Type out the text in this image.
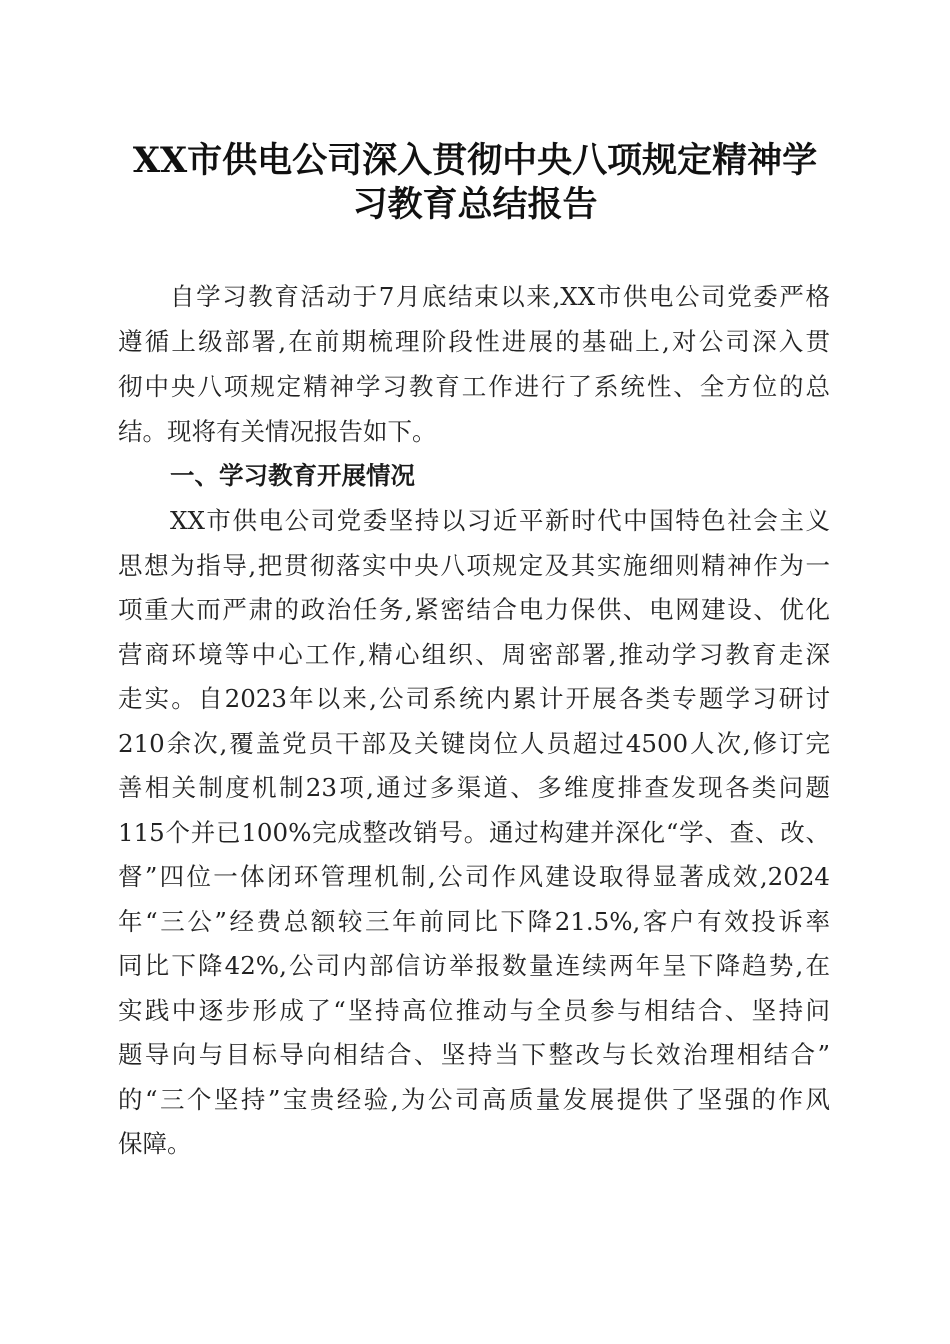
XX市供电公司深入贯彻中央八项规定精神学
习教育总结报告

自学习教育活动于7月底结束以来,XX市供电公司党委严格

遵循上级部署,在前期梳理阶段性进展的基础上,对公司深入贯

彻中央八项规定精神学习教育工作进行了系统性、全方位的总

结。现将有关情况报告如下。

一、学习教育开展情况

XX市供电公司党委坚持以习近平新时代中国特色社会主义

思想为指导,把贯彻落实中央八项规定及其实施细则精神作为一

项重大而严肃的政治任务,紧密结合电力保供、电网建设、优化

营商环境等中心工作,精心组织、周密部署,推动学习教育走深

走实。自2023年以来,公司系统内累计开展各类专题学习研讨

210余次,覆盖党员干部及关键岗位人员超过4500人次,修订完

善相关制度机制23项,通过多渠道、多维度排查发现各类问题

115个并已100%完成整改销号。通过构建并深化“学、查、改、

督”四位一体闭环管理机制,公司作风建设取得显著成效,2024

年“三公”经费总额较三年前同比下降21.5%,客户有效投诉率

同比下降42%,公司内部信访举报数量连续两年呈下降趋势,在

实践中逐步形成了“坚持高位推动与全员参与相结合、坚持问

题导向与目标导向相结合、坚持当下整改与长效治理相结合”

的“三个坚持”宝贵经验,为公司高质量发展提供了坚强的作风

保障。
